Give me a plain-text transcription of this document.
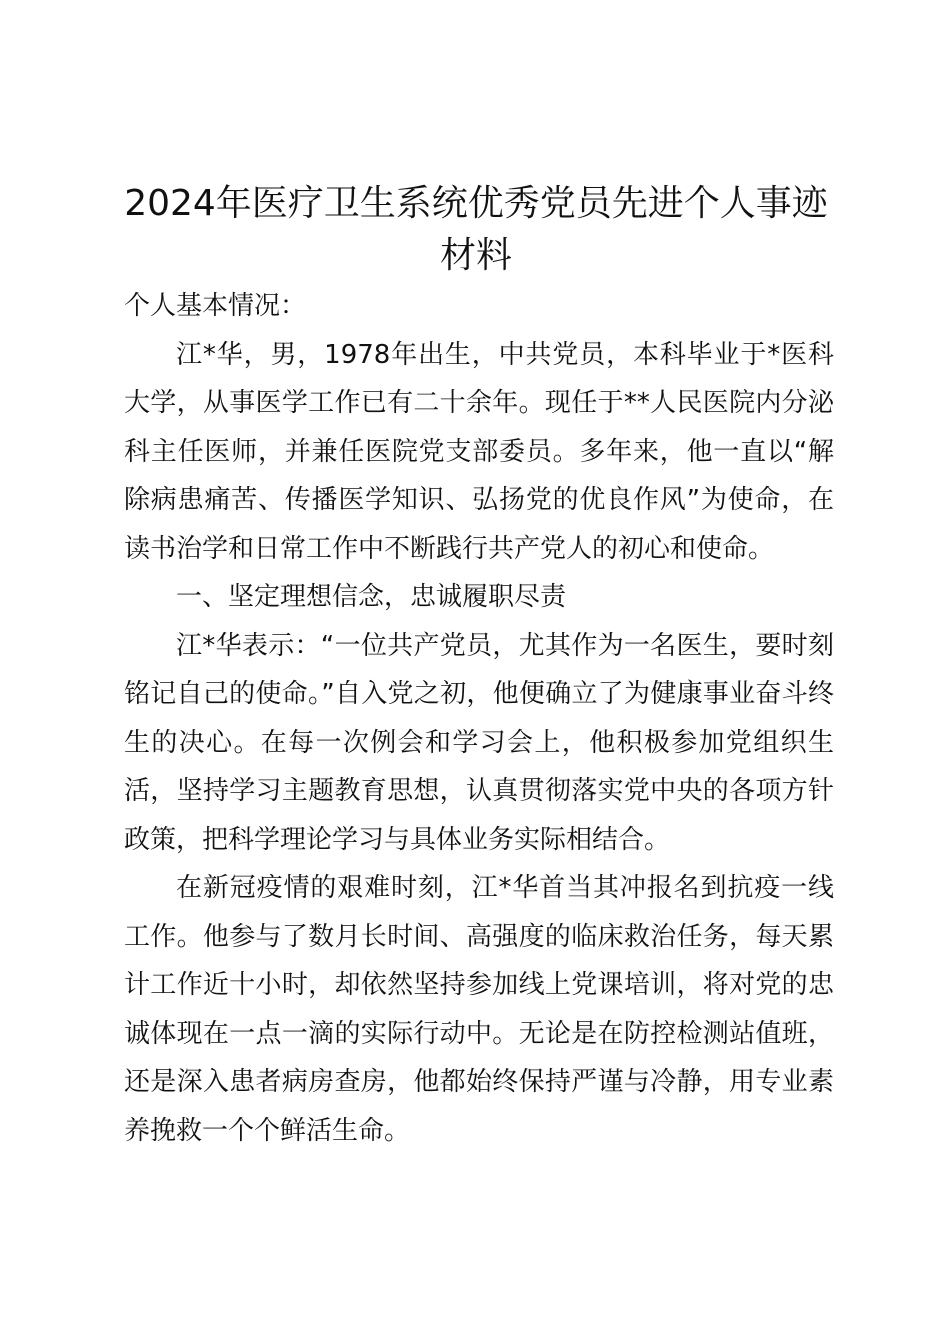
2024年医疗卫生系统优秀党员先进个人事迹材料

个人基本情况：

江*华，男，1978年出生，中共党员，本科毕业于*医科大学，从事医学工作已有二十余年。现任于**人民医院内分泌科主任医师，并兼任医院党支部委员。多年来，他一直以“解除病患痛苦、传播医学知识、弘扬党的优良作风”为使命，在读书治学和日常工作中不断践行共产党人的初心和使命。

一、坚定理想信念，忠诚履职尽责

江*华表示：“一位共产党员，尤其作为一名医生，要时刻铭记自己的使命。”自入党之初，他便确立了为健康事业奋斗终生的决心。在每一次例会和学习会上，他积极参加党组织生活，坚持学习主题教育思想，认真贯彻落实党中央的各项方针政策，把科学理论学习与具体业务实际相结合。

在新冠疫情的艰难时刻，江*华首当其冲报名到抗疫一线工作。他参与了数月长时间、高强度的临床救治任务，每天累计工作近十小时，却依然坚持参加线上党课培训，将对党的忠诚体现在一点一滴的实际行动中。无论是在防控检测站值班，还是深入患者病房查房，他都始终保持严谨与冷静，用专业素养挽救一个个鲜活生命。
